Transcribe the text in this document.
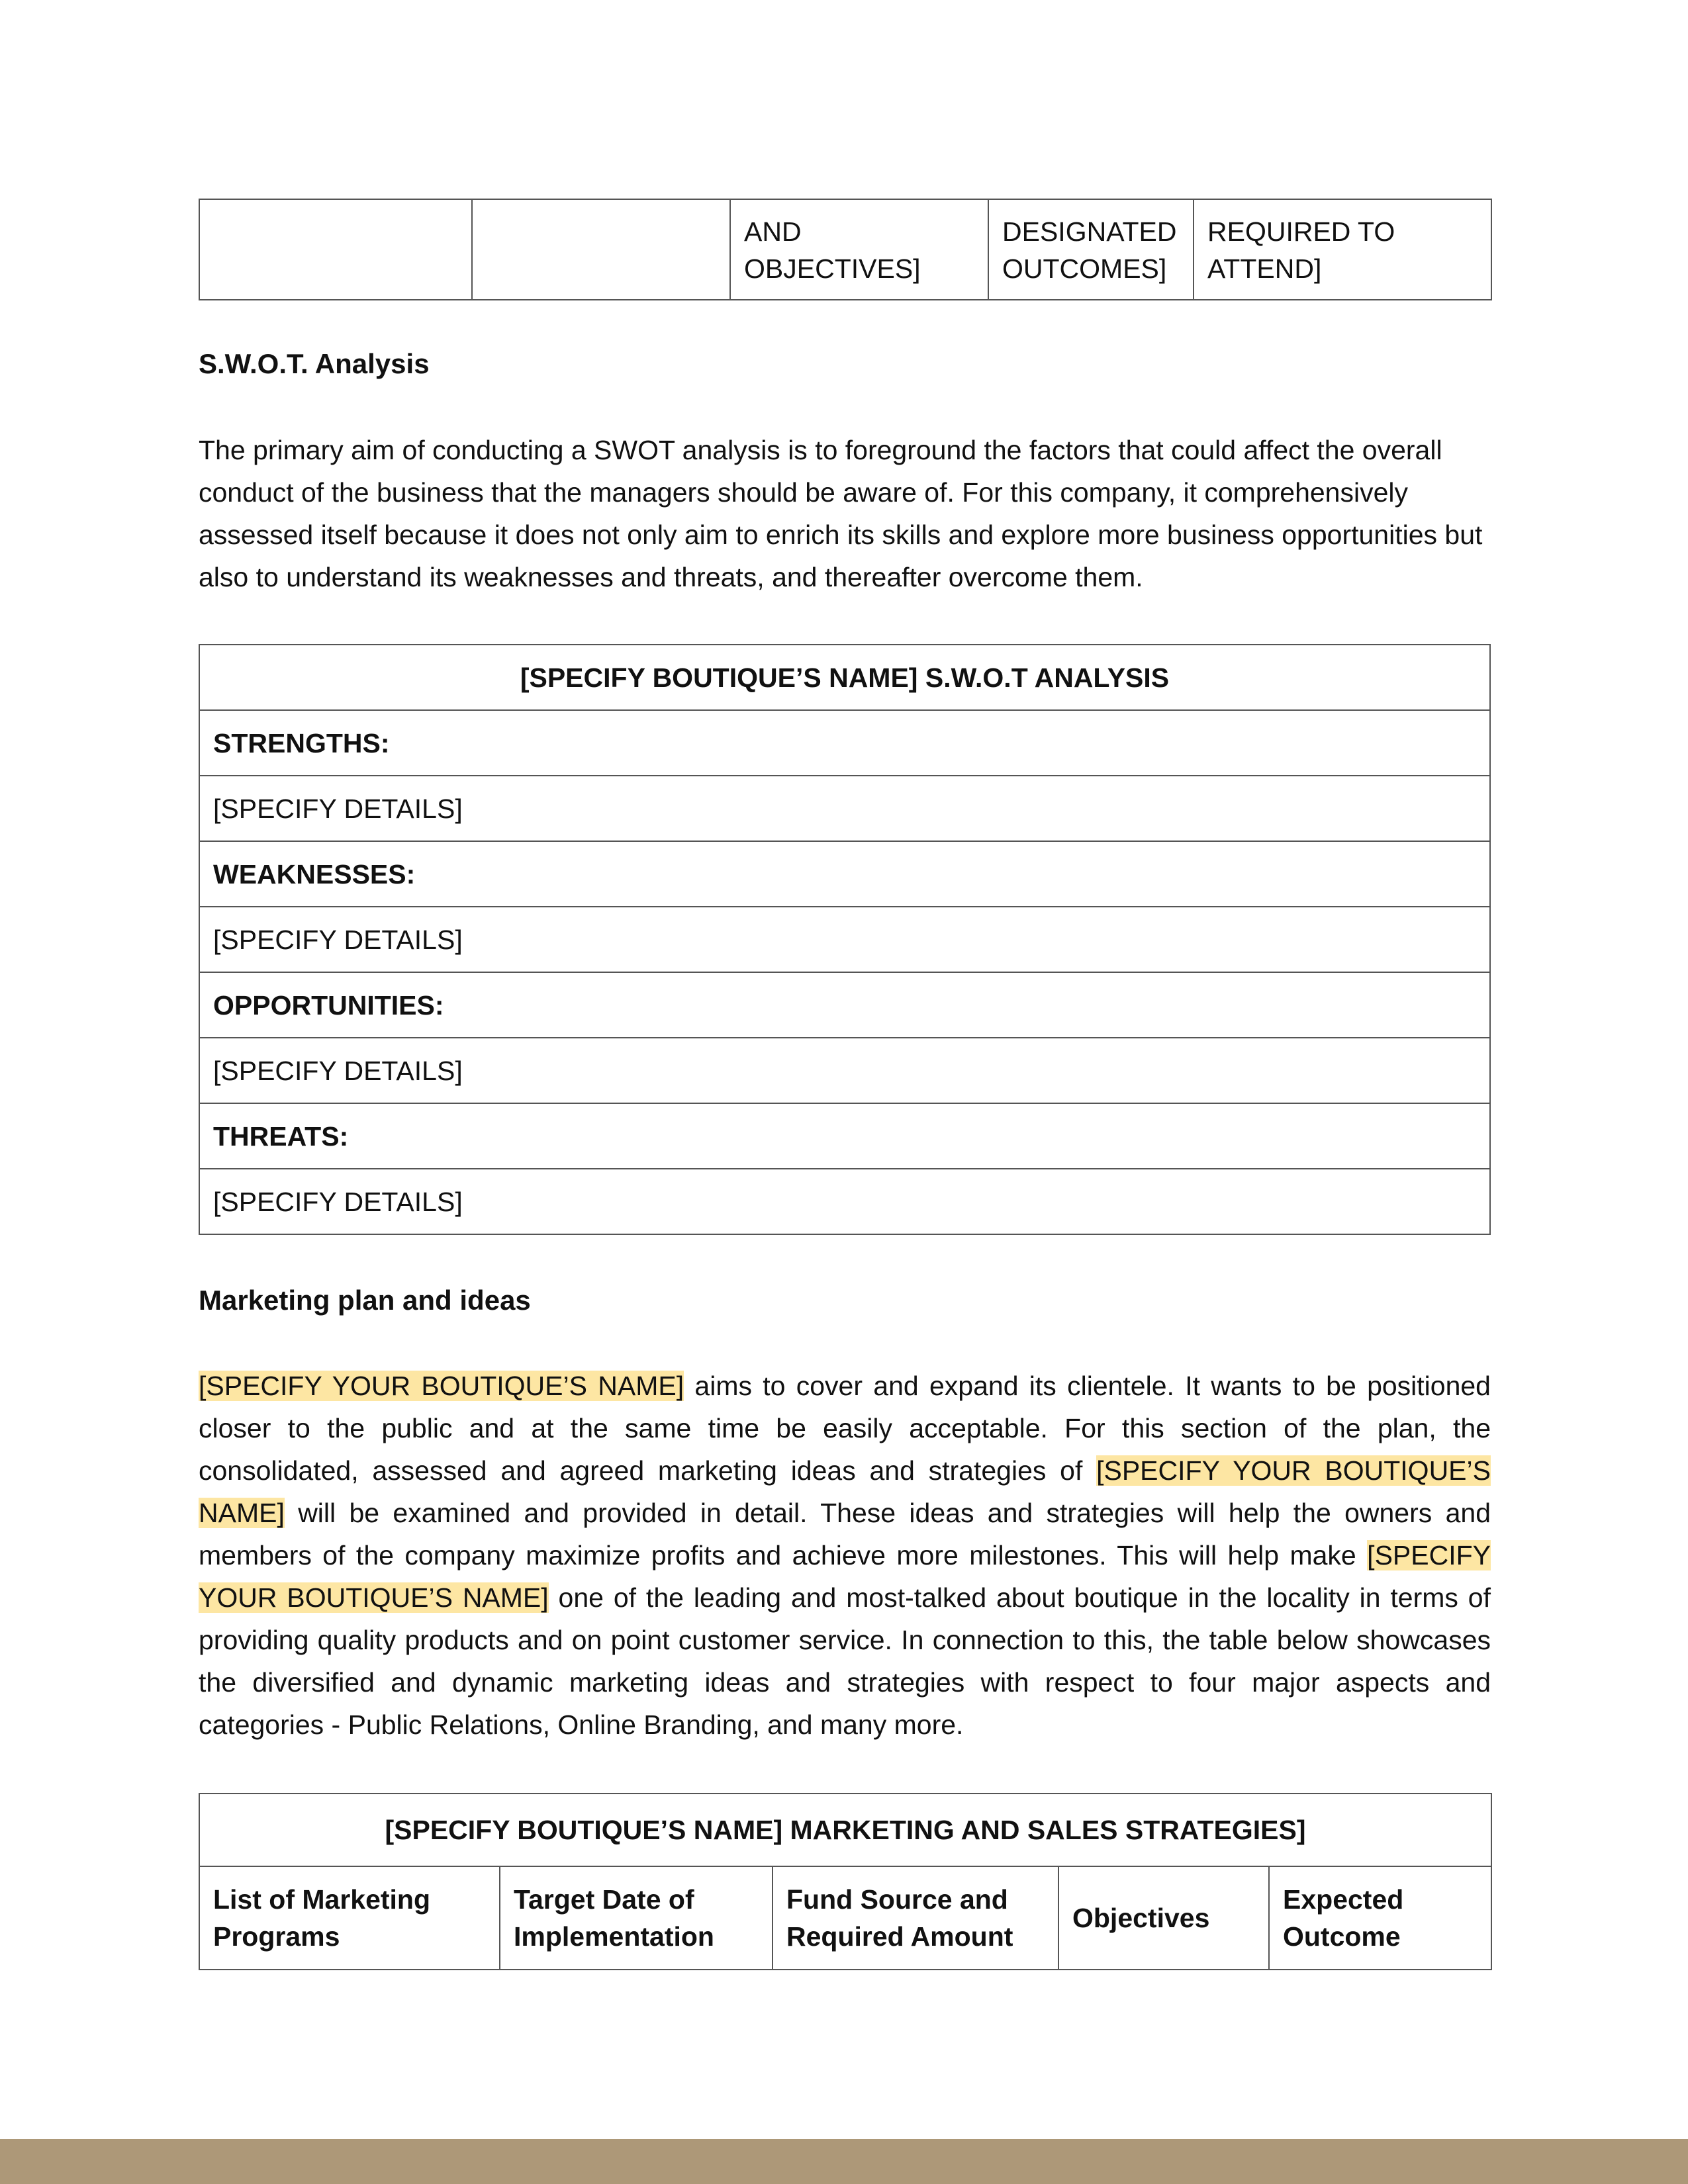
		AND OBJECTIVES]	DESIGNATED OUTCOMES]	REQUIRED TO ATTEND]
S.W.O.T. Analysis

The primary aim of conducting a SWOT analysis is to foreground the factors that could affect the overall conduct of the business that the managers should be aware of. For this company, it comprehensively assessed itself because it does not only aim to enrich its skills and explore more business opportunities but also to understand its weaknesses and threats, and thereafter overcome them.

[SPECIFY BOUTIQUE’S NAME] S.W.O.T ANALYSIS
STRENGTHS:
[SPECIFY DETAILS]
WEAKNESSES:
[SPECIFY DETAILS]
OPPORTUNITIES:
[SPECIFY DETAILS]
THREATS:
[SPECIFY DETAILS]
Marketing plan and ideas

[SPECIFY YOUR BOUTIQUE’S NAME] aims to cover and expand its clientele. It wants to be positioned closer to the public and at the same time be easily acceptable. For this section of the plan, the consolidated, assessed and agreed marketing ideas and strategies of [SPECIFY YOUR BOUTIQUE’S NAME] will be examined and provided in detail. These ideas and strategies will help the owners and members of the company maximize profits and achieve more milestones. This will help make [SPECIFY YOUR BOUTIQUE’S NAME] one of the leading and most-talked about boutique in the locality in terms of providing quality products and on point customer service. In connection to this, the table below showcases the diversified and dynamic marketing ideas and strategies with respect to four major aspects and categories - Public Relations, Online Branding, and many more.

[SPECIFY BOUTIQUE’S NAME] MARKETING AND SALES STRATEGIES]
List of Marketing Programs	Target Date of Implementation	Fund Source and Required Amount	Objectives	Expected Outcome
